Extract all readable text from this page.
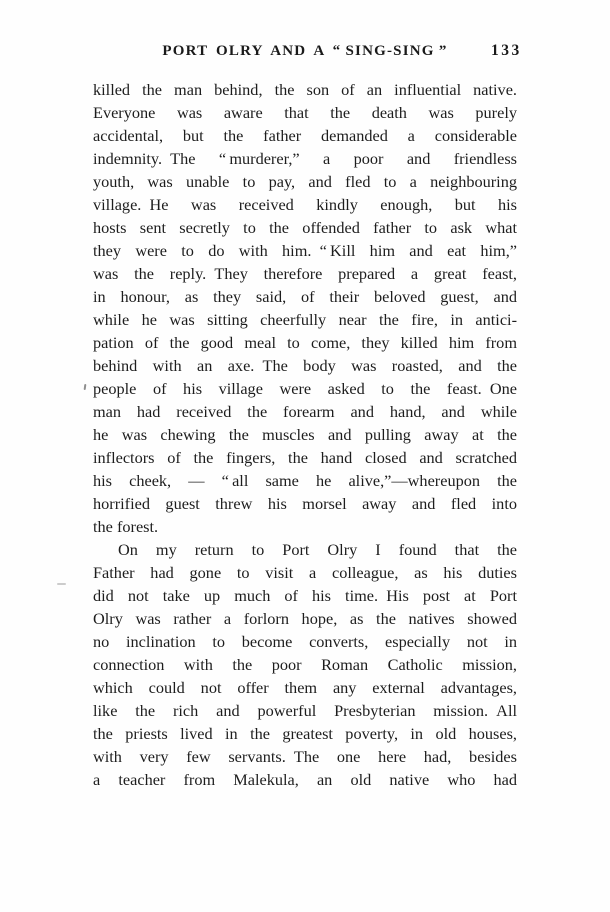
PORT OLRY AND A “ SING-SING ”	133
killed the man behind, the son of an influential native.
Everyone was aware that the death was purely
accidental, but the father demanded a considerable
indemnity. The “ murderer,” a poor and friendless
youth, was unable to pay, and fled to a neighbouring
village. He was received kindly enough, but his
hosts sent secretly to the offended father to ask what
they were to do with him. “ Kill him and eat him,”
was the reply. They therefore prepared a great feast,
in honour, as they said, of their beloved guest, and
while he was sitting cheerfully near the fire, in antici-
pation of the good meal to come, they killed him from
behind with an axe. The body was roasted, and the
people of his village were asked to the feast. One
man had received the forearm and hand, and while
he was chewing the muscles and pulling away at the
inflectors of the fingers, the hand closed and scratched
his cheek, — “ all same he alive,”—whereupon the
horrified guest threw his morsel away and fled into
the forest.
On my return to Port Olry I found that the
Father had gone to visit a colleague, as his duties
did not take up much of his time. His post at Port
Olry was rather a forlorn hope, as the natives showed
no inclination to become converts, especially not in
connection with the poor Roman Catholic mission,
which could not offer them any external advantages,
like the rich and powerful Presbyterian mission. All
the priests lived in the greatest poverty, in old houses,
with very few servants. The one here had, besides
a teacher from Malekula, an old native who had
